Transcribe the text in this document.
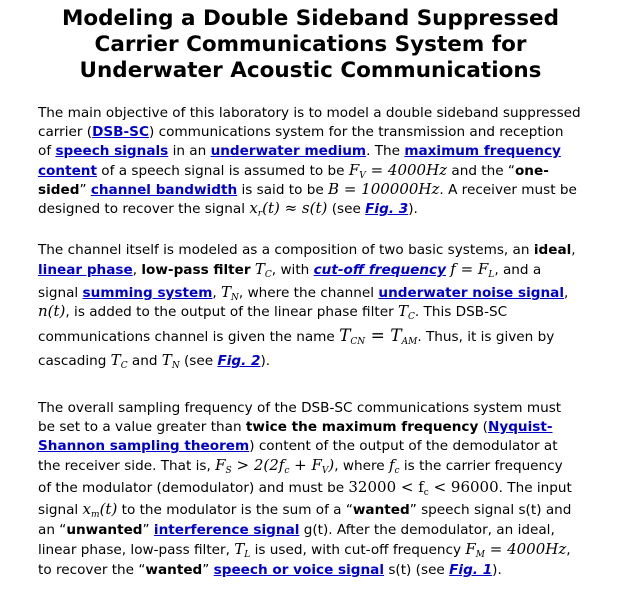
Modeling a Double Sideband Suppressed
Carrier Communications System for
Underwater Acoustic Communications
The main objective of this laboratory is to model a double sideband suppressed
carrier (DSB-SC) communications system for the transmission and reception
of speech signals in an underwater medium. The maximum frequency
content of a speech signal is assumed to be $F_V = 4000Hz$ and the “one-
sided” channel bandwidth is said to be B = 100000Hz. A receiver must be
designed to recover the signal $x_r(t) \approx s(t)$ (see Fig. 3).
The channel itself is modeled as a composition of two basic systems, an ideal,
linear phase, low-pass filter $T_C$, with cut-off frequency $f = F_L$, and a
signal summing system, $T_N$, where the channel underwater noise signal,
n(t), is added to the output of the linear phase filter $T_C$. This DSB-SC
communications channel is given the name $T_{CN} = T_{AM}$. Thus, it is given by
cascading $T_C$ and $T_N$ (see Fig. 2).
The overall sampling frequency of the DSB-SC communications system must
be set to a value greater than twice the maximum frequency (Nyquist-
Shannon sampling theorem) content of the output of the demodulator at
the receiver side. That is, $F_S > 2(2f_c + F_V)$, where $f_c$ is the carrier frequency
of the modulator (demodulator) and must be $32000 < f_c < 96000$. The input
signal $x_m(t)$ to the modulator is the sum of a “wanted” speech signal s(t) and
an “unwanted” interference signal g(t). After the demodulator, an ideal,
linear phase, low-pass filter, $T_L$ is used, with cut-off frequency $F_M = 4000Hz$,
to recover the “wanted” speech or voice signal s(t) (see Fig. 1).
